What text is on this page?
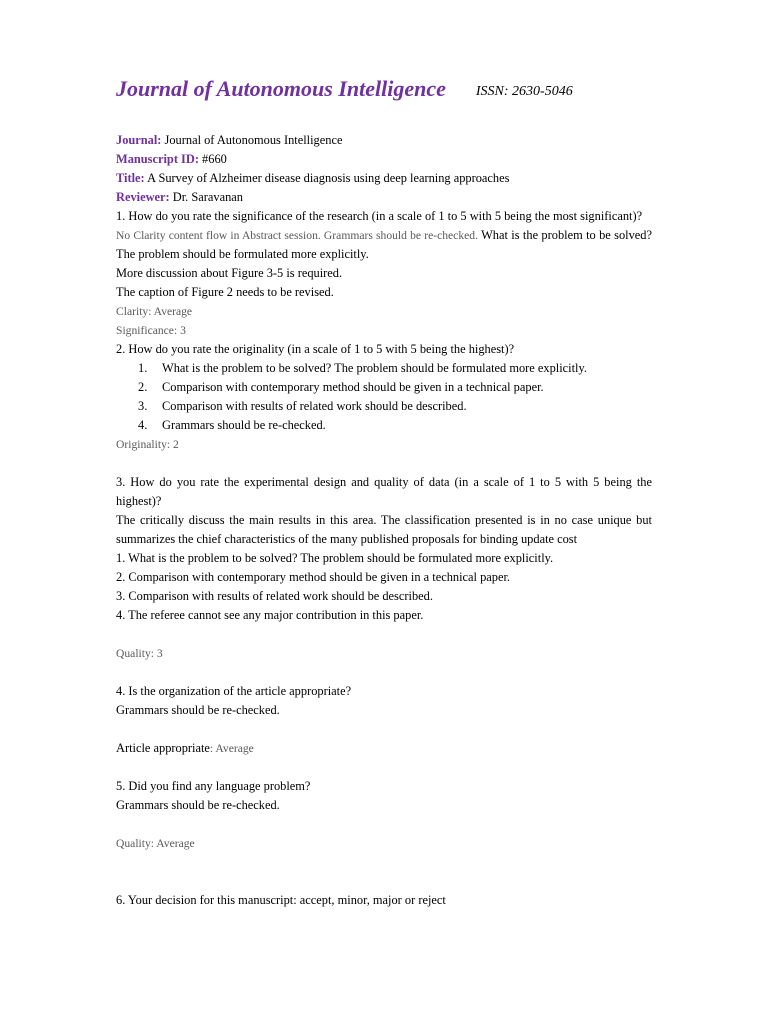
Journal of Autonomous Intelligence ISSN: 2630-5046

Journal: Journal of Autonomous Intelligence

Manuscript ID: #660

Title: A Survey of Alzheimer disease diagnosis using deep learning approaches

Reviewer: Dr. Saravanan

1. How do you rate the significance of the research (in a scale of 1 to 5 with 5 being the most significant)?

No Clarity content flow in Abstract session. Grammars should be re-checked. What is the problem to be solved? The problem should be formulated more explicitly.

More discussion about Figure 3-5 is required.

The caption of Figure 2 needs to be revised.

Clarity: Average

Significance: 3

2. How do you rate the originality (in a scale of 1 to 5 with 5 being the highest)?

1. What is the problem to be solved? The problem should be formulated more explicitly.
2. Comparison with contemporary method should be given in a technical paper.
3. Comparison with results of related work should be described.
4. Grammars should be re-checked.

Originality: 2

3. How do you rate the experimental design and quality of data (in a scale of 1 to 5 with 5 being the highest)?

The critically discuss the main results in this area. The classification presented is in no case unique but summarizes the chief characteristics of the many published proposals for binding update cost

1. What is the problem to be solved? The problem should be formulated more explicitly.

2. Comparison with contemporary method should be given in a technical paper.

3. Comparison with results of related work should be described.

4. The referee cannot see any major contribution in this paper.

Quality: 3

4. Is the organization of the article appropriate?

Grammars should be re-checked.

Article appropriate: Average

5. Did you find any language problem?

Grammars should be re-checked.

Quality: Average

6. Your decision for this manuscript: accept, minor, major or reject
